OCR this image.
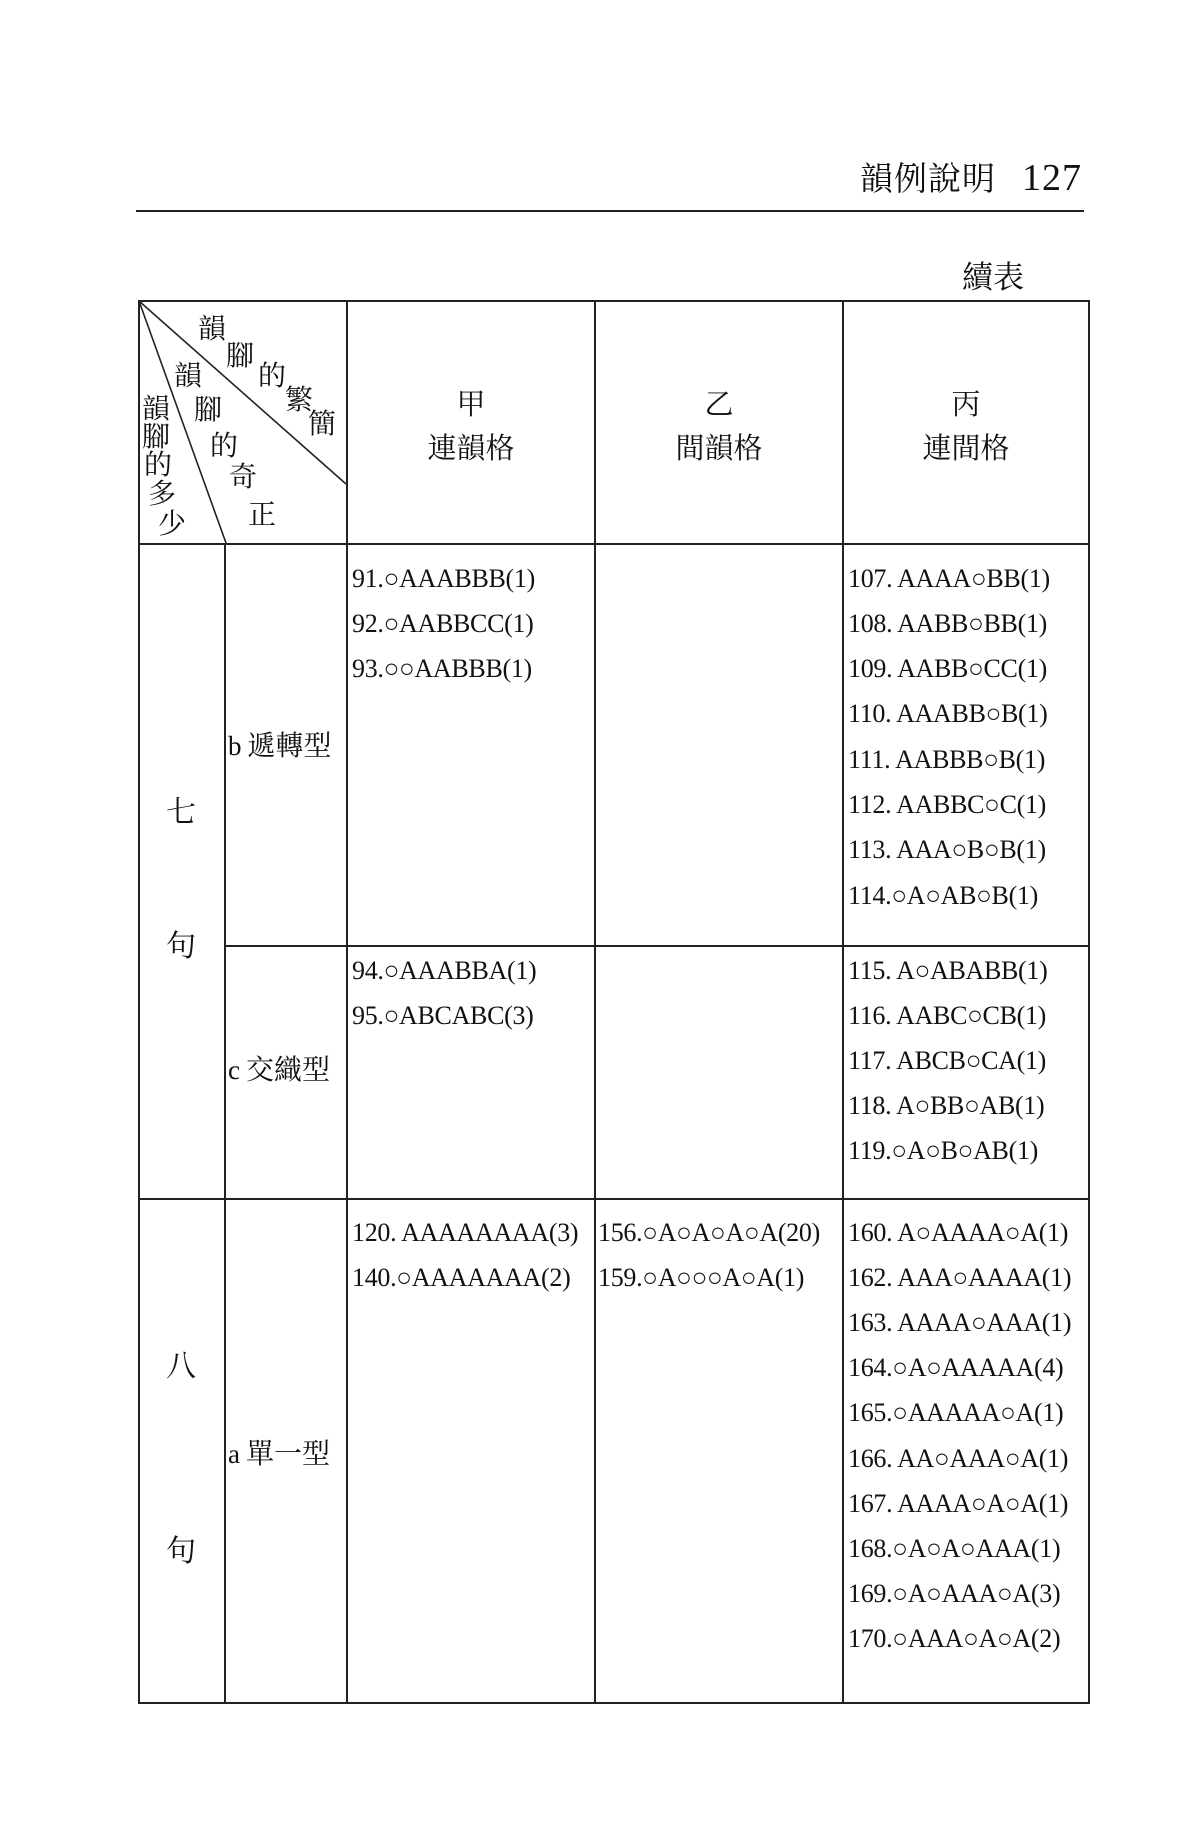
韻例說明 127
續表
韻
腳
的
繁
簡
韻
腳
的
奇
正
韻
腳
的
多
少
甲
連韻格
乙
間韻格
丙
連間格
七
句
八
句
b 遞轉型
c 交織型
a 單一型
91.○AAABBB(1)
92.○AABBCC(1)
93.○○AABBB(1)
107. AAAA○BB(1)
108. AABB○BB(1)
109. AABB○CC(1)
110. AAABB○B(1)
111. AABBB○B(1)
112. AABBC○C(1)
113. AAA○B○B(1)
114.○A○AB○B(1)
94.○AAABBA(1)
95.○ABCABC(3)
115. A○ABABB(1)
116. AABC○CB(1)
117. ABCB○CA(1)
118. A○BB○AB(1)
119.○A○B○AB(1)
120. AAAAAAAA(3)
140.○AAAAAAA(2)
156.○A○A○A○A(20)
159.○A○○○A○A(1)
160. A○AAAA○A(1)
162. AAA○AAAA(1)
163. AAAA○AAA(1)
164.○A○AAAAA(4)
165.○AAAAA○A(1)
166. AA○AAA○A(1)
167. AAAA○A○A(1)
168.○A○A○AAA(1)
169.○A○AAA○A(3)
170.○AAA○A○A(2)
